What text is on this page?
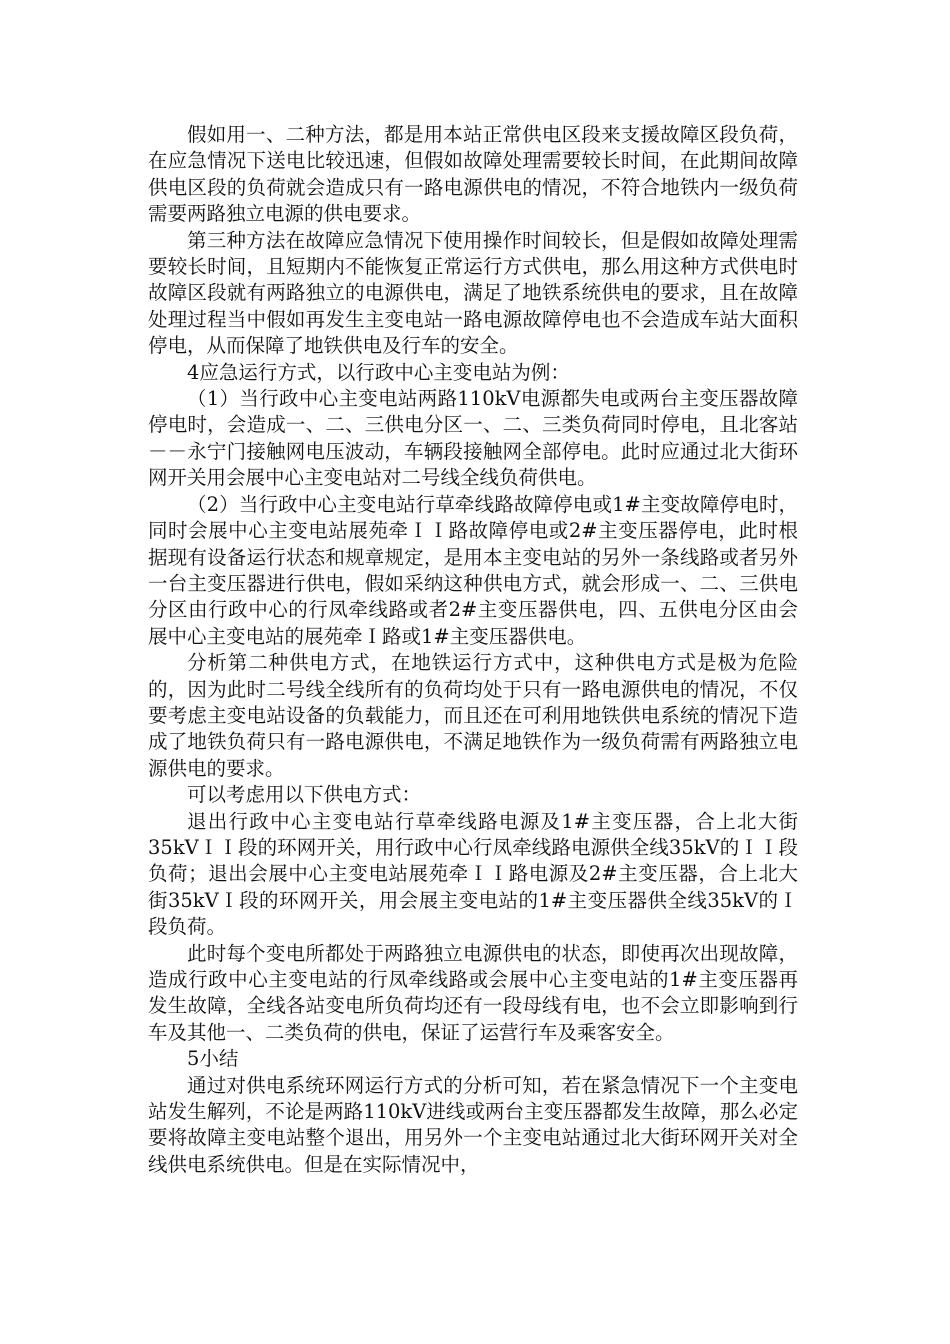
假如用一、二种方法，都是用本站正常供电区段来支援故障区段负荷，在应急情况下送电比较迅速，但假如故障处理需要较长时间，在此期间故障供电区段的负荷就会造成只有一路电源供电的情况，不符合地铁内一级负荷需要两路独立电源的供电要求。

第三种方法在故障应急情况下使用操作时间较长，但是假如故障处理需要较长时间，且短期内不能恢复正常运行方式供电，那么用这种方式供电时故障区段就有两路独立的电源供电，满足了地铁系统供电的要求，且在故障处理过程当中假如再发生主变电站一路电源故障停电也不会造成车站大面积停电，从而保障了地铁供电及行车的安全。

4应急运行方式，以行政中心主变电站为例：

（1）当行政中心主变电站两路110kV电源都失电或两台主变压器故障停电时，会造成一、二、三供电分区一、二、三类负荷同时停电，且北客站－－永宁门接触网电压波动，车辆段接触网全部停电。此时应通过北大街环网开关用会展中心主变电站对二号线全线负荷供电。

（2）当行政中心主变电站行草牵线路故障停电或1#主变故障停电时，同时会展中心主变电站展苑牵ＩＩ路故障停电或2#主变压器停电，此时根据现有设备运行状态和规章规定，是用本主变电站的另外一条线路或者另外一台主变压器进行供电，假如采纳这种供电方式，就会形成一、二、三供电分区由行政中心的行凤牵线路或者2#主变压器供电，四、五供电分区由会展中心主变电站的展苑牵Ｉ路或1#主变压器供电。

分析第二种供电方式，在地铁运行方式中，这种供电方式是极为危险的，因为此时二号线全线所有的负荷均处于只有一路电源供电的情况，不仅要考虑主变电站设备的负载能力，而且还在可利用地铁供电系统的情况下造成了地铁负荷只有一路电源供电，不满足地铁作为一级负荷需有两路独立电源供电的要求。

可以考虑用以下供电方式：

退出行政中心主变电站行草牵线路电源及1#主变压器，合上北大街35kVＩＩ段的环网开关，用行政中心行凤牵线路电源供全线35kV的ＩＩ段负荷；退出会展中心主变电站展苑牵ＩＩ路电源及2#主变压器，合上北大街35kVＩ段的环网开关，用会展主变电站的1#主变压器供全线35kV的Ｉ段负荷。

此时每个变电所都处于两路独立电源供电的状态，即使再次出现故障，造成行政中心主变电站的行凤牵线路或会展中心主变电站的1#主变压器再发生故障，全线各站变电所负荷均还有一段母线有电，也不会立即影响到行车及其他一、二类负荷的供电，保证了运营行车及乘客安全。

5小结

通过对供电系统环网运行方式的分析可知，若在紧急情况下一个主变电站发生解列，不论是两路110kV进线或两台主变压器都发生故障，那么必定要将故障主变电站整个退出，用另外一个主变电站通过北大街环网开关对全线供电系统供电。但是在实际情况中，
